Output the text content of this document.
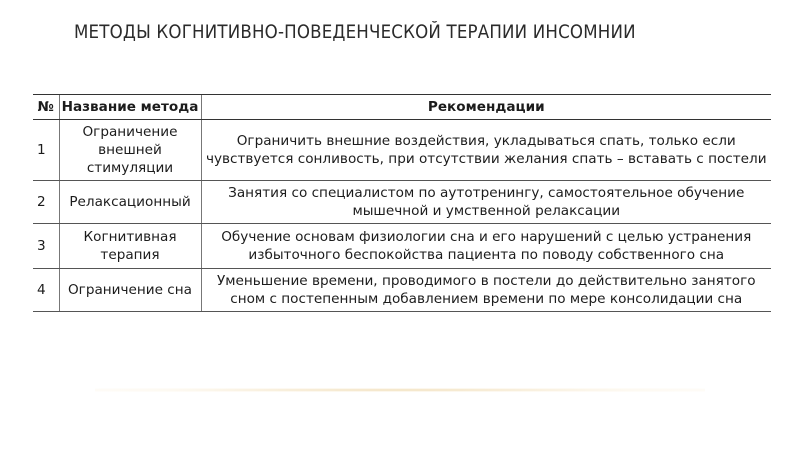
МЕТОДЫ КОГНИТИВНО-ПОВЕДЕНЧЕСКОЙ ТЕРАПИИ ИНСОМНИИ
№	Название метода	Рекомендации
1	Ограничение внешней стимуляции	Ограничить внешние воздействия, укладываться спать, только если чувствуется сонливость, при отсутствии желания спать – вставать с постели

2	Релаксационный	Занятия со специалистом по аутотренингу, самостоятельное обучение мышечной и умственной релаксации

3	Когнитивная терапия	Обучение основам физиологии сна и его нарушений с целью устранения избыточного беспокойства пациента по поводу собственного сна

4	Ограничение сна	Уменьшение времени, проводимого в постели до действительно занятого сном с постепенным добавлением времени по мере консолидации сна
